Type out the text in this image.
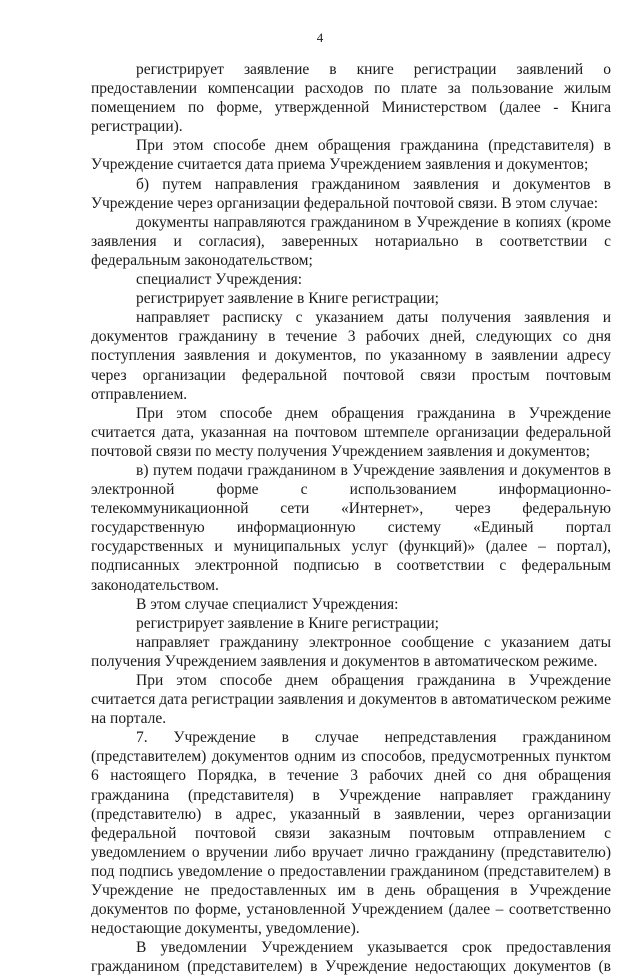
4

регистрирует заявление в книге регистрации заявлений о предоставлении компенсации расходов по плате за пользование жилым помещением по форме, утвержденной Министерством (далее - Книга регистрации).

При этом способе днем обращения гражданина (представителя) в Учреждение считается дата приема Учреждением заявления и документов;

б) путем направления гражданином заявления и документов в Учреждение через организации федеральной почтовой связи. В этом случае:

документы направляются гражданином в Учреждение в копиях (кроме заявления и согласия), заверенных нотариально в соответствии с федеральным законодательством;

специалист Учреждения:

регистрирует заявление в Книге регистрации;

направляет расписку с указанием даты получения заявления и документов гражданину в течение 3 рабочих дней, следующих со дня поступления заявления и документов, по указанному в заявлении адресу через организации федеральной почтовой связи простым почтовым отправлением.

При этом способе днем обращения гражданина в Учреждение считается дата, указанная на почтовом штемпеле организации федеральной почтовой связи по месту получения Учреждением заявления и документов;

в) путем подачи гражданином в Учреждение заявления и документов в электронной форме с использованием информационно-телекоммуникационной сети «Интернет», через федеральную государственную информационную систему «Единый портал государственных и муниципальных услуг (функций)» (далее – портал), подписанных электронной подписью в соответствии с федеральным законодательством.

В этом случае специалист Учреждения:

регистрирует заявление в Книге регистрации;

направляет гражданину электронное сообщение с указанием даты получения Учреждением заявления и документов в автоматическом режиме.

При этом способе днем обращения гражданина в Учреждение считается дата регистрации заявления и документов в автоматическом режиме на портале.

7. Учреждение в случае непредставления гражданином (представителем) документов одним из способов, предусмотренных пунктом 6 настоящего Порядка, в течение 3 рабочих дней со дня обращения гражданина (представителя) в Учреждение направляет гражданину (представителю) в адрес, указанный в заявлении, через организации федеральной почтовой связи заказным почтовым отправлением с уведомлением о вручении либо вручает лично гражданину (представителю) под подпись уведомление о предоставлении гражданином (представителем) в Учреждение не предоставленных им в день обращения в Учреждение документов по форме, установленной Учреждением (далее – соответственно недостающие документы, уведомление).

В уведомлении Учреждением указывается срок предоставления гражданином (представителем) в Учреждение недостающих документов (в
